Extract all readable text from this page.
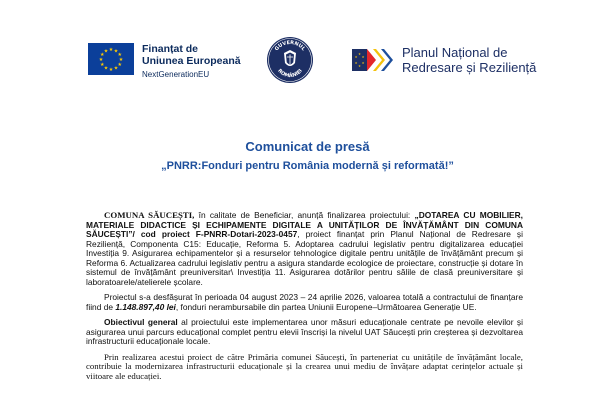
★ ★
★
★
★
★
★
★
★
★
★
★	Finanțat de
Uniunea Europeană
NextGenerationEU
GUVERNUL
ROMÂNIEI
★
★
★
★
★
★	Planul Național de
Redresare și Reziliență
Comunicat de presă
„PNRR:Fonduri pentru România modernă și reformată!”

COMUNA SĂUCEȘTI, în calitate de Beneficiar, anunță finalizarea proiectului: „DOTAREA CU MOBILIER, MATERIALE DIDACTICE ȘI ECHIPAMENTE DIGITALE A UNITĂȚILOR DE ÎNVĂȚĂMÂNT DIN COMUNA SĂUCEȘTI”/ cod proiect F-PNRR-Dotari-2023-0457, proiect finanțat prin Planul Național de Redresare și Reziliență, Componenta C15: Educație, Reforma 5. Adoptarea cadrului legislativ pentru digitalizarea educației Investiția 9. Asigurarea echipamentelor și a resurselor tehnologice digitale pentru unitățile de învățământ precum și Reforma 6. Actualizarea cadrului legislativ pentru a asigura standarde ecologice de proiectare, construcție și dotare în sistemul de învățământ preuniversitar\ Investiția 11. Asigurarea dotărilor pentru sălile de clasă preuniversitare și laboratoarele/atelierele școlare.

Proiectul s-a desfășurat în perioada 04 august 2023 – 24 aprilie 2026, valoarea totală a contractului de finanțare fiind de 1.148.897,40 lei, fonduri nerambursabile din partea Uniunii Europene–Următoarea Generație UE.

Obiectivul general al proiectului este implementarea unor măsuri educaționale centrate pe nevoile elevilor și asigurarea unui parcurs educațional complet pentru elevii înscriși la nivelul UAT Săucești prin creșterea și dezvoltarea infrastructurii educaționale locale.

Prin realizarea acestui proiect de către Primăria comunei Săucești, în parteneriat cu unitățile de învățământ locale, contribuie la modernizarea infrastructurii educaționale și la crearea unui mediu de învățare adaptat cerințelor actuale și viitoare ale educației.
